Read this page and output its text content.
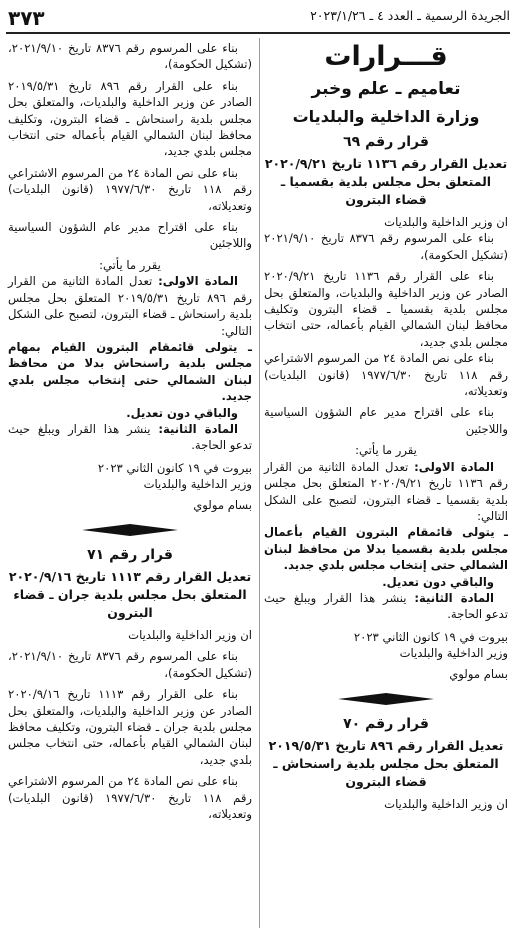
الجريدة الرسمية ـ العدد ٤ ـ ٢٠٢٣/١/٢٦
٣٧٣
قـــرارات
تعاميم ـ علم وخبر
وزارة الداخلية والبلديات
قرار رقم ٦٩
تعديل القرار رقم ١١٣٦ تاريخ ٢٠٢٠/٩/٢١ المتعلق بحل مجلس بلدية بقسميا ـ قضاء البترون

ان وزير الداخلية والبلديات

بناء على المرسوم رقم ٨٣٧٦ تاريخ ٢٠٢١/٩/١٠ (تشكيل الحكومة)،

بناء على القرار رقم ١١٣٦ تاريخ ٢٠٢٠/٩/٢١ الصادر عن وزير الداخلية والبلديات، والمتعلق بحل مجلس بلدية بقسميا ـ قضاء البترون وتكليف محافظ لبنان الشمالي القيام بأعماله، حتى انتخاب مجلس بلدي جديد،

بناء على نص المادة ٢٤ من المرسوم الاشتراعي رقم ١١٨ تاريخ ١٩٧٧/٦/٣٠ (قانون البلديات) وتعديلاته،

بناء على اقتراح مدير عام الشؤون السياسية واللاجئين

يقرر ما يأتي:

المادة الاولى: تعدل المادة الثانية من القرار رقم ١١٣٦ تاريخ ٢٠٢٠/٩/٢١ المتعلق بحل مجلس بلدية بقسميا ـ قضاء البترون، لتصبح على الشكل التالي:

ـ يتولى قائمقام البترون القيام بأعمال مجلس بلدية بقسميا بدلا من محافظ لبنان الشمالي حتى إنتخاب مجلس بلدي جديد.

والباقي دون تعديل.

المادة الثانية: ينشر هذا القرار ويبلغ حيث تدعو الحاجة.

بيروت في ١٩ كانون الثاني ٢٠٢٣

وزير الداخلية والبلديات

بسام مولوي

قرار رقم ٧٠
تعديل القرار رقم ٨٩٦ تاريخ ٢٠١٩/٥/٣١ المتعلق بحل مجلس بلدية راسنحاش ـ قضاء البترون

ان وزير الداخلية والبلديات

بناء على المرسوم رقم ٨٣٧٦ تاريخ ٢٠٢١/٩/١٠، (تشكيل الحكومة)،

بناء على القرار رقم ٨٩٦ تاريخ ٢٠١٩/٥/٣١ الصادر عن وزير الداخلية والبلديات، والمتعلق بحل مجلس بلدية راسنحاش ـ قضاء البترون، وتكليف محافظ لبنان الشمالي القيام بأعماله حتى انتخاب مجلس بلدي جديد،

بناء على نص المادة ٢٤ من المرسوم الاشتراعي رقم ١١٨ تاريخ ١٩٧٧/٦/٣٠ (قانون البلديات) وتعديلاته،

بناء على اقتراح مدير عام الشؤون السياسية واللاجئين

يقرر ما يأتي:

المادة الاولى: تعدل المادة الثانية من القرار رقم ٨٩٦ تاريخ ٢٠١٩/٥/٣١ المتعلق بحل مجلس بلدية راسنحاش ـ قضاء البترون، لتصبح على الشكل التالي:

ـ يتولى قائمقام البترون القيام بمهام مجلس بلدية راسنحاش بدلا من محافظ لبنان الشمالي حتى إنتخاب مجلس بلدي جديد.

والباقي دون تعديل.

المادة الثانية: ينشر هذا القرار ويبلغ حيث تدعو الحاجة.

بيروت في ١٩ كانون الثاني ٢٠٢٣

وزير الداخلية والبلديات

بسام مولوي

قرار رقم ٧١
تعديل القرار رقم ١١١٣ تاريخ ٢٠٢٠/٩/١٦ المتعلق بحل مجلس بلدية جران ـ قضاء البترون

ان وزير الداخلية والبلديات

بناء على المرسوم رقم ٨٣٧٦ تاريخ ٢٠٢١/٩/١٠، (تشكيل الحكومة)،

بناء على القرار رقم ١١١٣ تاريخ ٢٠٢٠/٩/١٦ الصادر عن وزير الداخلية والبلديات، والمتعلق بحل مجلس بلدية جران ـ قضاء البترون، وتكليف محافظ لبنان الشمالي القيام بأعماله، حتى انتخاب مجلس بلدي جديد،

بناء على نص المادة ٢٤ من المرسوم الاشتراعي رقم ١١٨ تاريخ ١٩٧٧/٦/٣٠ (قانون البلديات) وتعديلاته،
